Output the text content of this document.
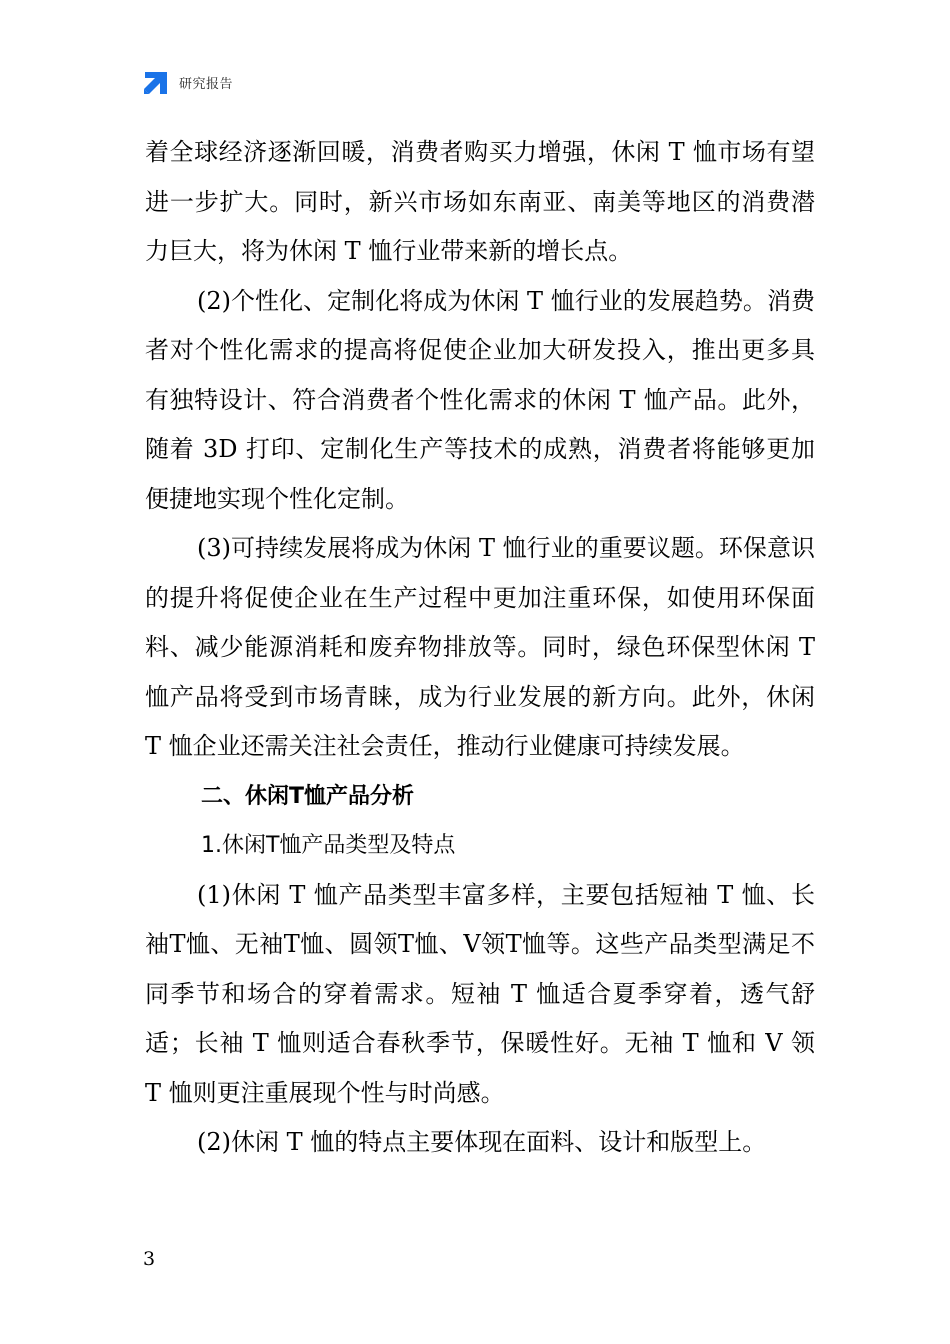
研究报告

着全球经济逐渐回暖，消费者购买力增强，休闲 T 恤市场有望进一步扩大。同时，新兴市场如东南亚、南美等地区的消费潜力巨大，将为休闲 T 恤行业带来新的增长点。

(2)个性化、定制化将成为休闲 T 恤行业的发展趋势。消费者对个性化需求的提高将促使企业加大研发投入，推出更多具有独特设计、符合消费者个性化需求的休闲 T 恤产品。此外，随着 3D 打印、定制化生产等技术的成熟，消费者将能够更加便捷地实现个性化定制。

(3)可持续发展将成为休闲 T 恤行业的重要议题。环保意识的提升将促使企业在生产过程中更加注重环保，如使用环保面料、减少能源消耗和废弃物排放等。同时，绿色环保型休闲 T 恤产品将受到市场青睐，成为行业发展的新方向。此外，休闲 T 恤企业还需关注社会责任，推动行业健康可持续发展。

二、休闲T恤产品分析

1.休闲T恤产品类型及特点

(1)休闲 T 恤产品类型丰富多样，主要包括短袖 T 恤、长袖T恤、无袖T恤、圆领T恤、V领T恤等。这些产品类型满足不同季节和场合的穿着需求。短袖 T 恤适合夏季穿着，透气舒适；长袖 T 恤则适合春秋季节，保暖性好。无袖 T 恤和 V 领 T 恤则更注重展现个性与时尚感。

(2)休闲 T 恤的特点主要体现在面料、设计和版型上。

3
